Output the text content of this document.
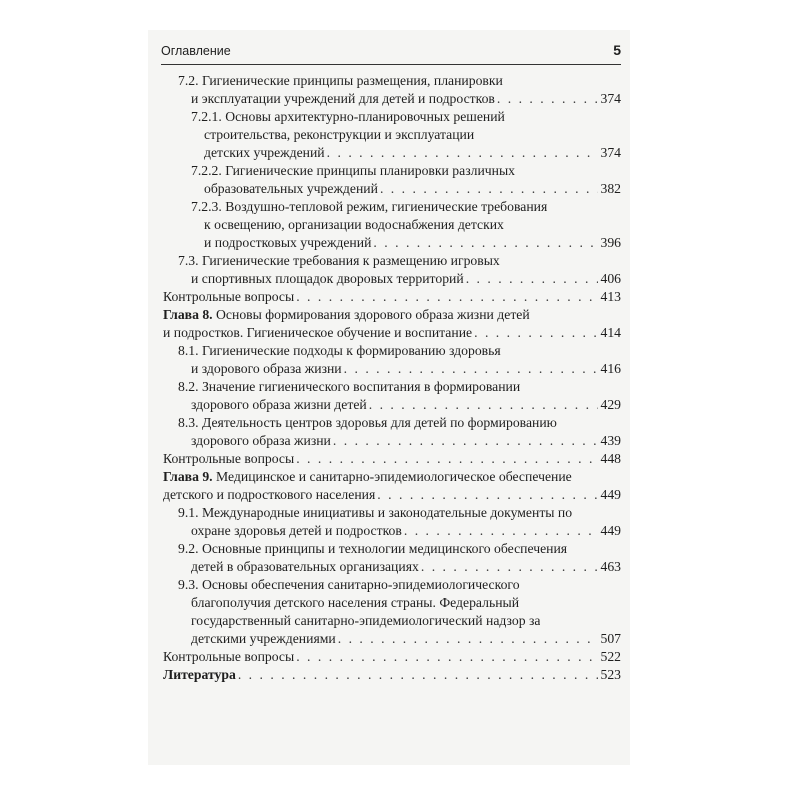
Оглавление	5
7.2. Гигиенические принципы размещения, планировки
и эксплуатации учреждений для детей и подростков . . .	374
7.2.1. Основы архитектурно-планировочных решений
строительства, реконструкции и эксплуатации
детских учреждений . . .	374
7.2.2. Гигиенические принципы планировки различных
образовательных учреждений . . .	382
7.2.3. Воздушно-тепловой режим, гигиенические требования
к освещению, организации водоснабжения детских
и подростковых учреждений . . .	396
7.3. Гигиенические требования к размещению игровых
и спортивных площадок дворовых территорий . . .	406
Контрольные вопросы . . .	413
Глава 8. Основы формирования здорового образа жизни детей
и подростков. Гигиеническое обучение и воспитание . . .	414
8.1. Гигиенические подходы к формированию здоровья
и здорового образа жизни . . .	416
8.2. Значение гигиенического воспитания в формировании
здорового образа жизни детей . . .	429
8.3. Деятельность центров здоровья для детей по формированию
здорового образа жизни . . .	439
Контрольные вопросы . . .	448
Глава 9. Медицинское и санитарно-эпидемиологическое обеспечение
детского и подросткового населения . . .	449
9.1. Международные инициативы и законодательные документы по
охране здоровья детей и подростков . . .	449
9.2. Основные принципы и технологии медицинского обеспечения
детей в образовательных организациях . . .	463
9.3. Основы обеспечения санитарно-эпидемиологического
благополучия детского населения страны. Федеральный
государственный санитарно-эпидемиологический надзор за
детскими учреждениями . . .	507
Контрольные вопросы . . .	522
Литература . . .	523
